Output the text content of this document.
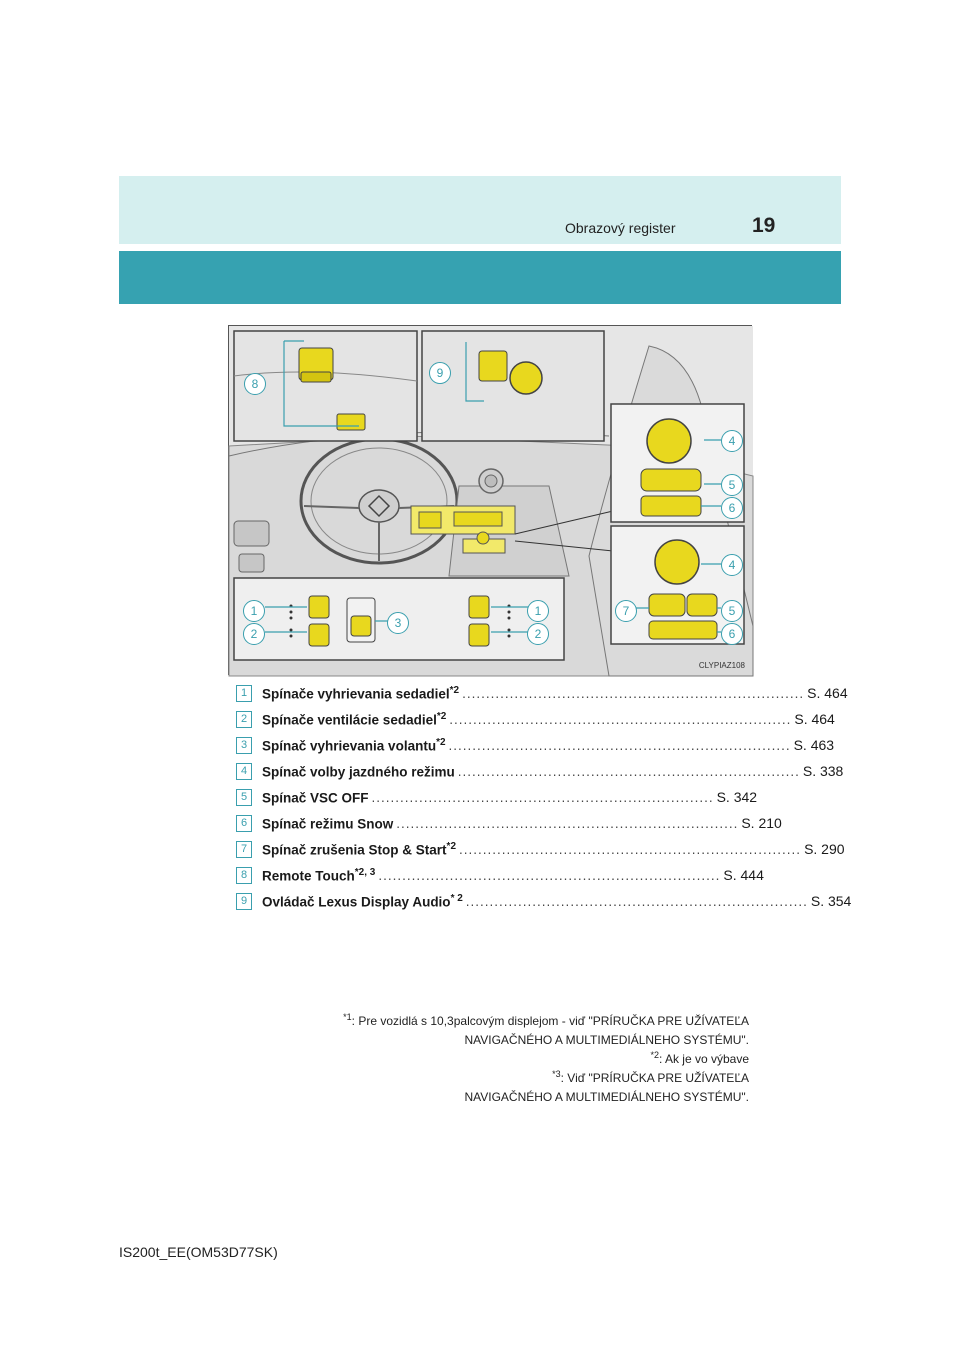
Obrazový register	19
8
9
4
5
6
4
7	5
6
1
2
3
1
2
CLYPIAZ108
1	Spínače vyhrievania sedadiel$^{*2}$ ........................................................................ S. 464
2	Spínače ventilácie sedadiel$^{*2}$ ........................................................................ S. 464
3	Spínač vyhrievania volantu$^{*2}$ ........................................................................ S. 463
4	Spínač volby jazdného režimu ........................................................................ S. 338
5	Spínač VSC OFF ........................................................................ S. 342
6	Spínač režimu Snow ........................................................................ S. 210
7	Spínač zrušenia Stop & Start$^{*2}$ ........................................................................ S. 290
8	Remote Touch$^{*2, 3}$ ........................................................................ S. 444
9	Ovládač Lexus Display Audio$^{* 2}$ ........................................................................ S. 354
$^{*1}$: Pre vozidlá s 10,3palcovým displejom - viď "PRÍRUČKA PRE UŽÍVATEĽA
NAVIGAČNÉHO A MULTIMEDIÁLNEHO SYSTÉMU".
$^{*2}$: Ak je vo výbave
$^{*3}$: Viď "PRÍRUČKA PRE UŽÍVATEĽA
NAVIGAČNÉHO A MULTIMEDIÁLNEHO SYSTÉMU".
IS200t_EE(OM53D77SK)
